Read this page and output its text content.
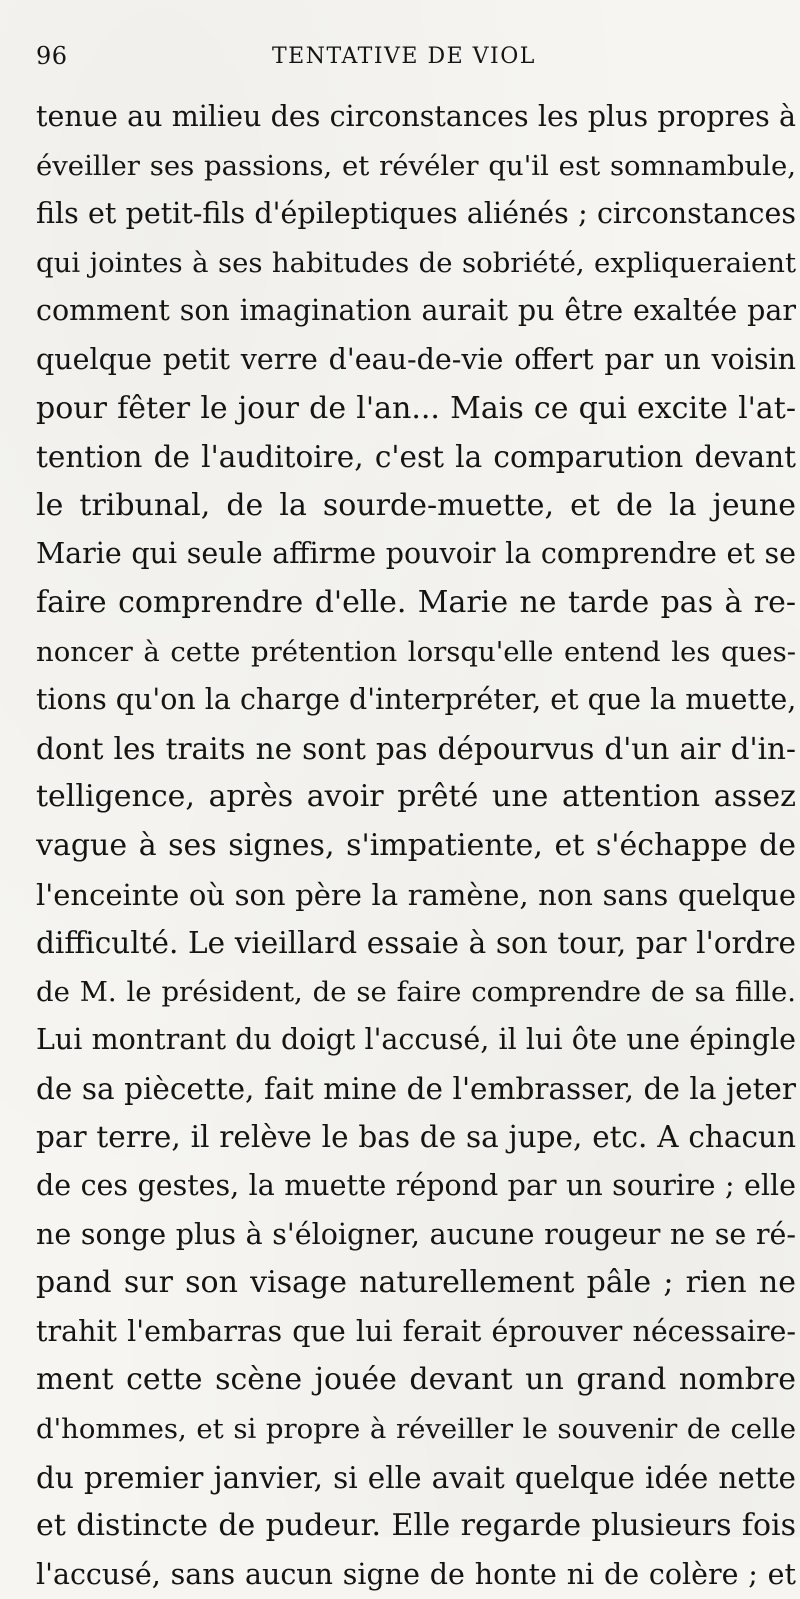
96	TENTATIVE DE VIOL
tenue au milieu des circonstances les plus propres à
éveiller ses passions, et révéler qu'il est somnambule,
fils et petit-fils d'épileptiques aliénés ; circonstances
qui jointes à ses habitudes de sobriété, expliqueraient
comment son imagination aurait pu être exaltée par
quelque petit verre d'eau-de-vie offert par un voisin
pour fêter le jour de l'an... Mais ce qui excite l'at-
tention de l'auditoire, c'est la comparution devant
le tribunal, de la sourde-muette, et de la jeune
Marie qui seule affirme pouvoir la comprendre et se
faire comprendre d'elle. Marie ne tarde pas à re-
noncer à cette prétention lorsqu'elle entend les ques-
tions qu'on la charge d'interpréter, et que la muette,
dont les traits ne sont pas dépourvus d'un air d'in-
telligence, après avoir prêté une attention assez
vague à ses signes, s'impatiente, et s'échappe de
l'enceinte où son père la ramène, non sans quelque
difficulté. Le vieillard essaie à son tour, par l'ordre
de M. le président, de se faire comprendre de sa fille.
Lui montrant du doigt l'accusé, il lui ôte une épingle
de sa piècette, fait mine de l'embrasser, de la jeter
par terre, il relève le bas de sa jupe, etc. A chacun
de ces gestes, la muette répond par un sourire ; elle
ne songe plus à s'éloigner, aucune rougeur ne se ré-
pand sur son visage naturellement pâle ; rien ne
trahit l'embarras que lui ferait éprouver nécessaire-
ment cette scène jouée devant un grand nombre
d'hommes, et si propre à réveiller le souvenir de celle
du premier janvier, si elle avait quelque idée nette
et distincte de pudeur. Elle regarde plusieurs fois
l'accusé, sans aucun signe de honte ni de colère ; et
